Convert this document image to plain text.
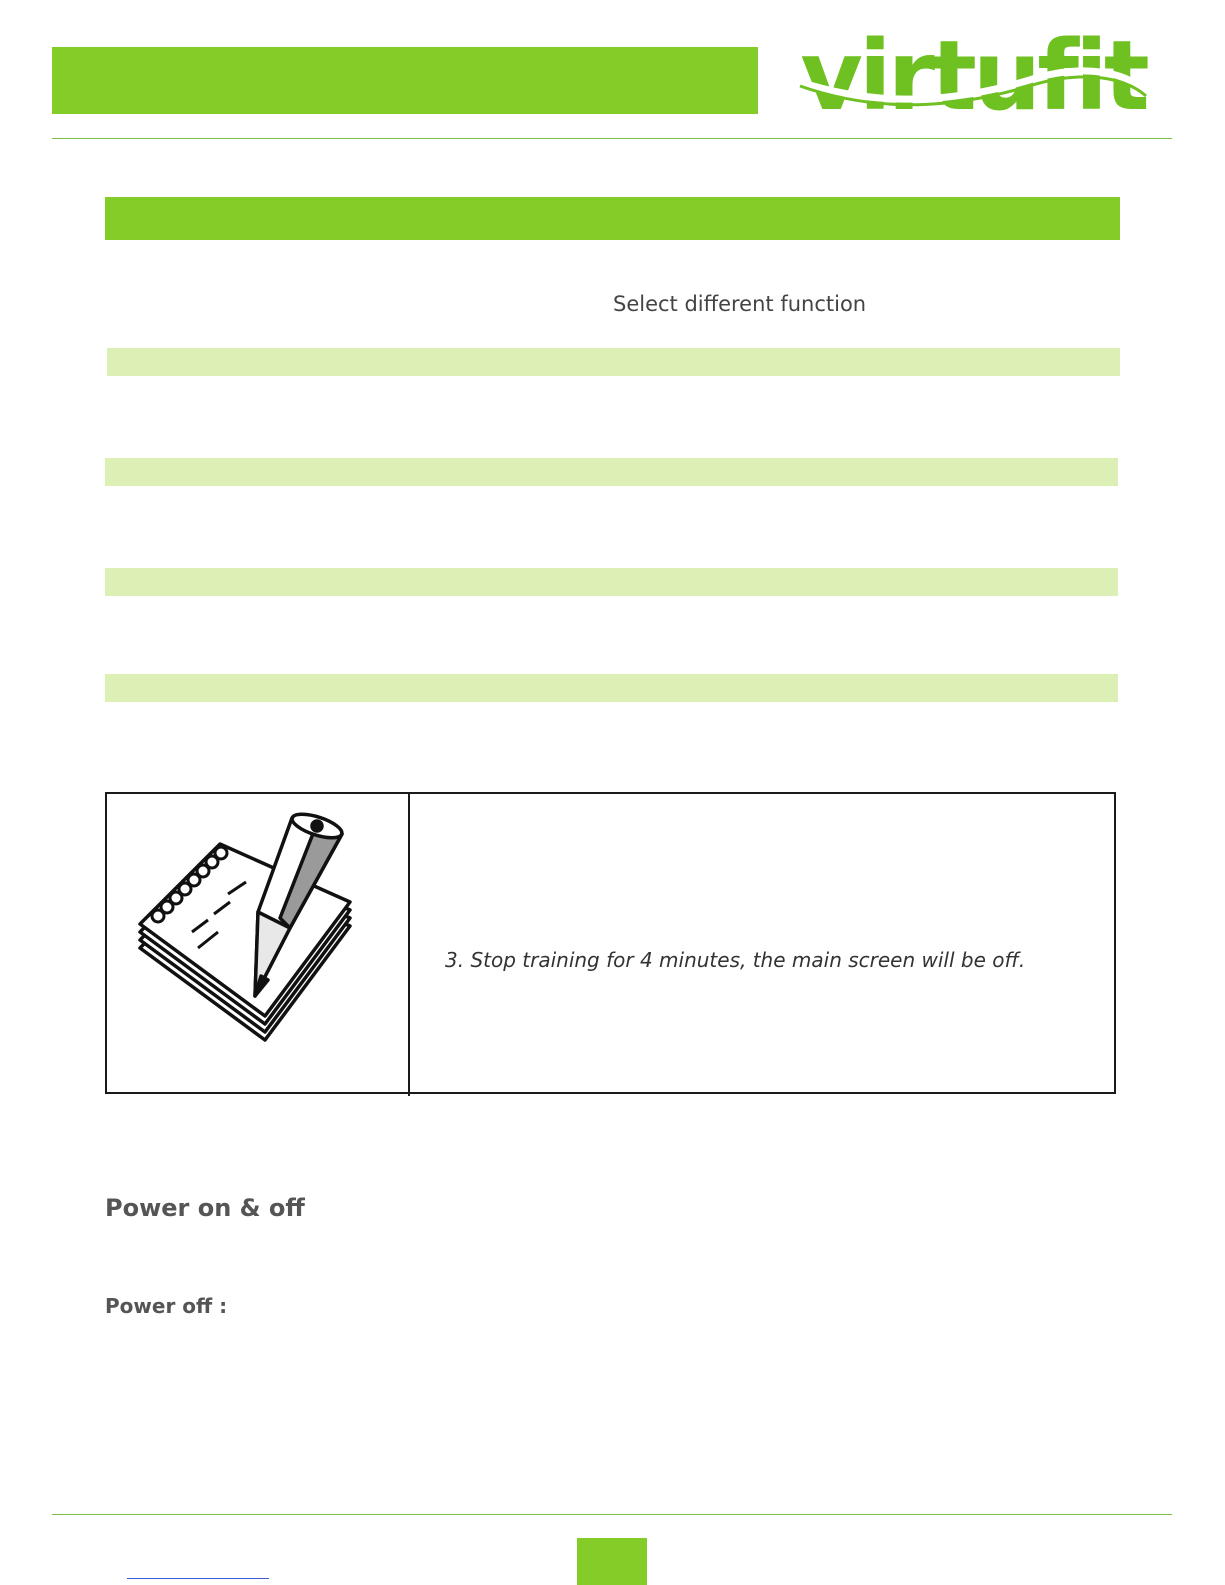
virtufit
Select different function
3. Stop training for 4 minutes, the main screen will be off.
Power on & off
Power off :
